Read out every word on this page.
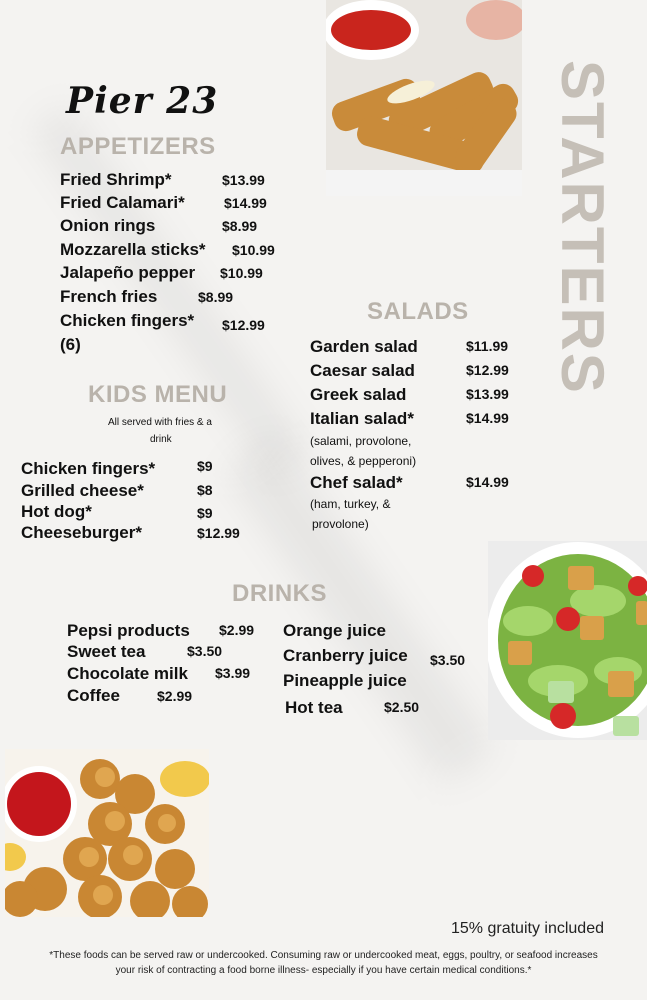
Pier 23	STARTERS
APPETIZERS
Fried Shrimp*	$13.99
Fried Calamari*	$14.99
Onion rings	$8.99
Mozzarella sticks* $10.99
Jalapeño pepper $10.99
French fries	$8.99
Chicken fingers* $12.99
(6)
SALADS
Garden salad	$11.99
Caesar salad	$12.99
Greek salad	$13.99
Italian salad*	$14.99
(salami, provolone,
olives, & pepperoni)
Chef salad*	$14.99
(ham, turkey, &
provolone)
KIDS MENU
All served with fries & a
drink
Chicken fingers*	$9
Grilled cheese*	$8
Hot dog*	$9
Cheeseburger*	$12.99
DRINKS
Pepsi products $2.99
Sweet tea	$3.50
Chocolate milk $3.99
Coffee	$2.99
Orange juice
Cranberry juice $3.50
Pineapple juice
Hot tea	$2.50
15% gratuity included
*These foods can be served raw or undercooked. Consuming raw or undercooked meat, eggs, poultry, or seafood increases
your risk of contracting a food borne illness- especially if you have certain medical conditions.*
